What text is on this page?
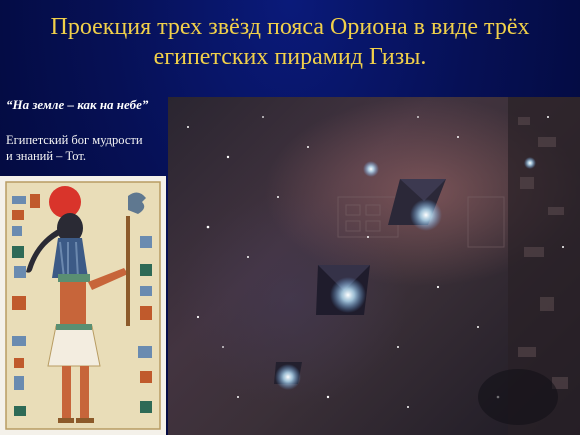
Проекция трех звёзд пояса Ориона в виде трёх
египетских пирамид Гизы.
“На земле – как на небе”
Египетский бог мудрости
и знаний – Тот.
